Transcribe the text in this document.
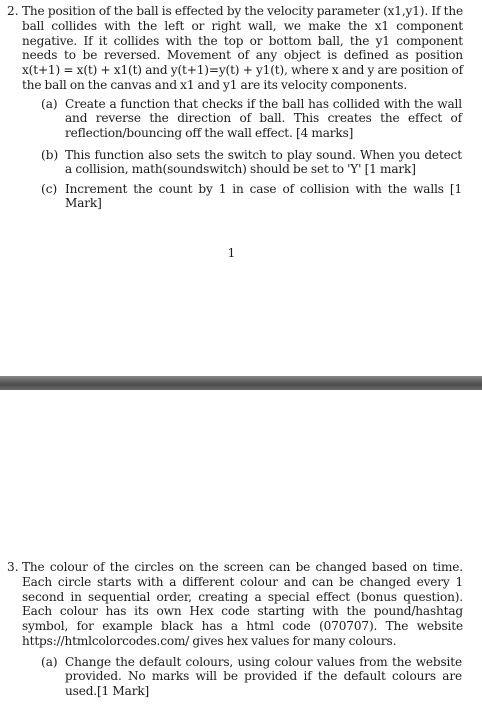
2. The position of the ball is effected by the velocity parameter (x1,y1). If the ball collides with the left or right wall, we make the x1 component negative. If it collides with the top or bottom ball, the y1 component needs to be reversed. Movement of any object is defined as position x(t+1) = x(t) + x1(t) and y(t+1)=y(t) + y1(t), where x and y are position of the ball on the canvas and x1 and y1 are its velocity components.
(a) Create a function that checks if the ball has collided with the wall and reverse the direction of ball. This creates the effect of reflection/bouncing off the wall effect. [4 marks]
(b) This function also sets the switch to play sound. When you detect a collision, math(soundswitch) should be set to 'Y' [1 mark]
(c) Increment the count by 1 in case of collision with the walls [1 Mark]
1
3. The colour of the circles on the screen can be changed based on time. Each circle starts with a different colour and can be changed every 1 second in sequential order, creating a special effect (bonus question). Each colour has its own Hex code starting with the pound/hashtag symbol, for example black has a html code (070707). The website https://htmlcolorcodes.com/ gives hex values for many colours.
(a) Change the default colours, using colour values from the website provided. No marks will be provided if the default colours are used.[1 Mark]
